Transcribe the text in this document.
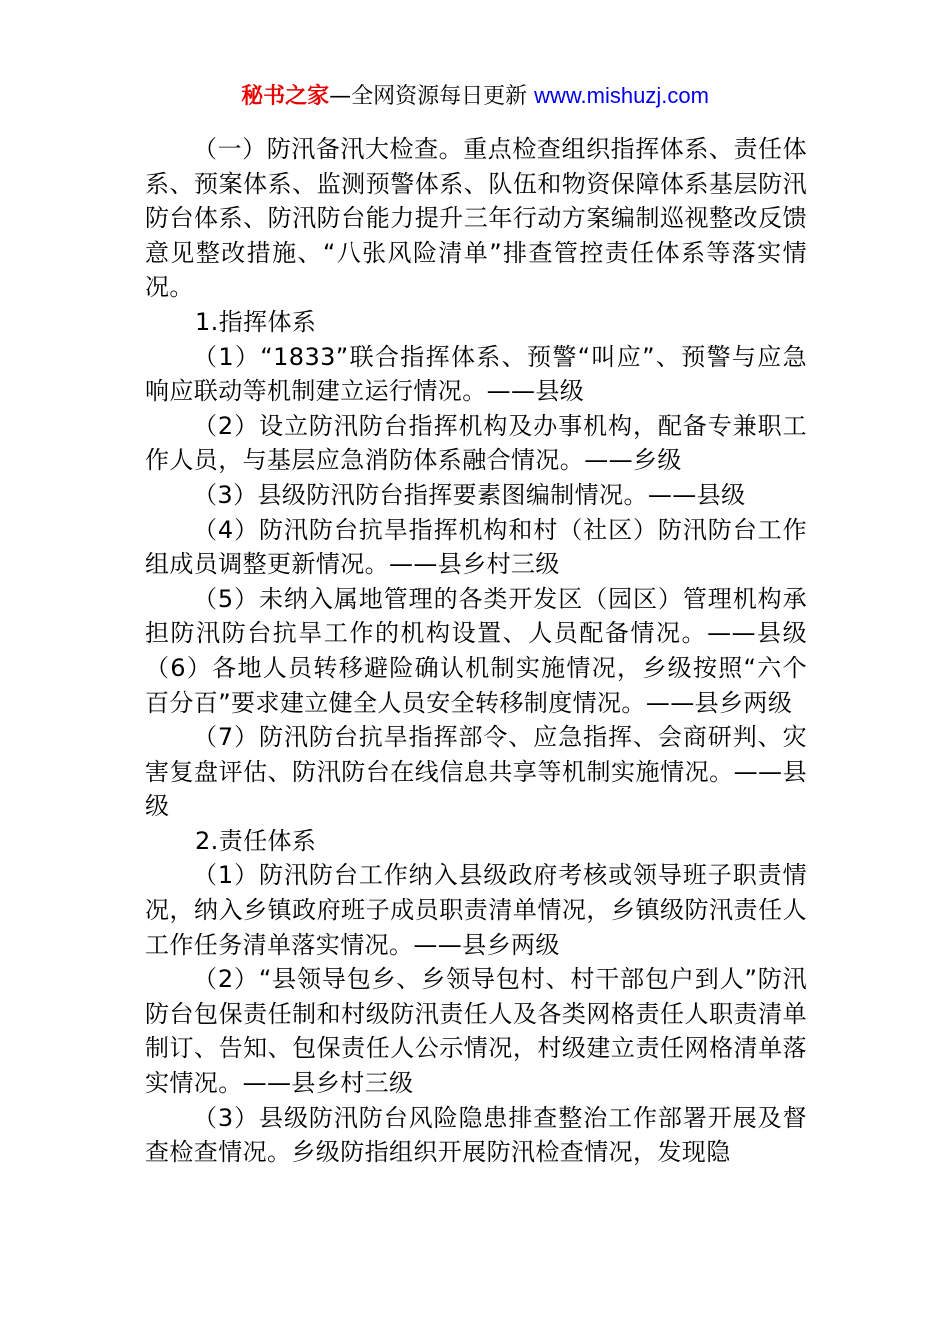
秘书之家—全网资源每日更新 www.mishuzj.com

（一）防汛备汛大检查。重点检查组织指挥体系、责任体系、预案体系、监测预警体系、队伍和物资保障体系基层防汛防台体系、防汛防台能力提升三年行动方案编制巡视整改反馈意见整改措施、“八张风险清单”排查管控责任体系等落实情况。

1.指挥体系

（1）“1833”联合指挥体系、预警“叫应”、预警与应急响应联动等机制建立运行情况。——县级

（2）设立防汛防台指挥机构及办事机构，配备专兼职工作人员，与基层应急消防体系融合情况。——乡级

（3）县级防汛防台指挥要素图编制情况。——县级

（4）防汛防台抗旱指挥机构和村（社区）防汛防台工作组成员调整更新情况。——县乡村三级

（5）未纳入属地管理的各类开发区（园区）管理机构承担防汛防台抗旱工作的机构设置、人员配备情况。——县级（6）各地人员转移避险确认机制实施情况，乡级按照“六个百分百”要求建立健全人员安全转移制度情况。——县乡两级

（7）防汛防台抗旱指挥部令、应急指挥、会商研判、灾害复盘评估、防汛防台在线信息共享等机制实施情况。——县级

2.责任体系

（1）防汛防台工作纳入县级政府考核或领导班子职责情况，纳入乡镇政府班子成员职责清单情况，乡镇级防汛责任人工作任务清单落实情况。——县乡两级

（2）“县领导包乡、乡领导包村、村干部包户到人”防汛防台包保责任制和村级防汛责任人及各类网格责任人职责清单制订、告知、包保责任人公示情况，村级建立责任网格清单落实情况。——县乡村三级

（3）县级防汛防台风险隐患排查整治工作部署开展及督查检查情况。乡级防指组织开展防汛检查情况，发现隐
